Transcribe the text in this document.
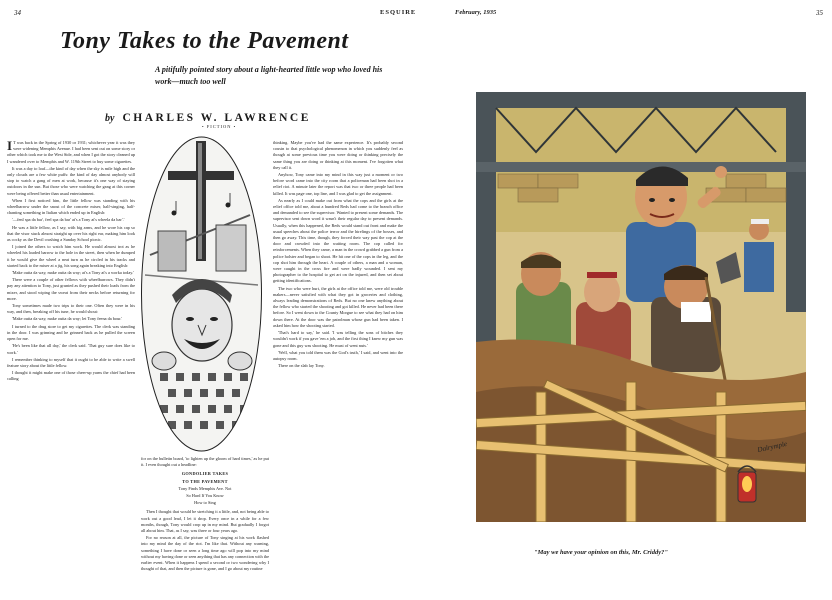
34	ESQUIRE
Tony Takes to the Pavement
A pitifully pointed story about a light-hearted little wop who loved his work—much too well
by CHARLES W. LAWRENCE
• FICTION •

I T was back in the Spring of 1930 or 1931; whichever year it was they were widening Memphis Avenue. I had been sent out on some story or other which took me to the West Side, and when I got the story cleaned up I wandered over to Memphis and W. 119th Street to buy some cigarettes.

It was a day to loaf—the kind of day when the sky is mile high and the only clouds are a few white puffs: the kind of day almost anybody will stop to watch a gang of men at work, because it's one way of staying outdoors in the sun. But those who were watching the gang at this corner were being offered better than usual entertainment.

When I first noticed him, the little fellow was standing with his wheelbarrow under the snout of the concrete mixer, half-singing, half-chanting something in Italian which ended up in English:

'—fenl spa da bar', feel spa da bar' at's a Tony at's wheela da bar'.'

He was a little fellow, as I say, with big arms, and he wore his cap so that the visor stuck almost straight up over his right ear, making him look as cocky as the Devil crashing a Sunday School picnic.

I joined the others to watch him work. He would almost trot as he wheeled his loaded barrow to the hole in the street, then when he dumped it he would give the wheel a neat turn as he circled in his tracks and started back to the mixer at a jig, his song again breaking into English:

'Make outta da way, make outta da way; at's a Tony at's a worka today.'

There were a couple of other fellows with wheelbarrows. They didn't pay any attention to Tony, just grunted as they pushed their loads from the mixer, and stood wiping the sweat from their necks before returning for more.

Tony sometimes made two trips to their one. Often they were in his way, and then, breaking off his tune, he would shout:

'Make outta da way, make outta da way; let Tony feena da bour.'

I turned to the drug store to get my cigarettes. The clerk was standing in the door. I was grinning and he grinned back as he pulled the screen open for me.

'He's been like that all day,' the clerk said. 'That guy sure does like to work.'

I remember thinking to myself that it ought to be able to write a swell feature story about the little fellow.

I thought it might make one of those cheer-up yarns the chief had been calling

for on the bulletin board, 'to lighten up the gloom of hard times,' as he put it. I even thought out a headline:

GONDOLIER TAKES

TO THE PAVEMENT

Tony Finds Memphis Ave. Not

So Hard If You Know

How to Sing

Then I thought that would be stretching it a little, and, not being able to work out a good lead, I let it drop. Every once in a while for a few months, though, Tony would crop up in my mind. But gradually I forgot all about him. That, as I say, was three or four years ago.

For no reason at all, the picture of Tony singing at his work flashed into my mind the day of the riot. I'm like that. Without any warning, something I have done or seen a long time ago will pop into my mind without my having done or seen anything that has any connection with the earlier event. When it happens I spend a second or two wondering why I thought of that, and then the picture is gone, and I go about my routine

thinking. Maybe you've had the same experience. It's probably second cousin to that psychological phenomenon in which you suddenly feel as though at some previous time you were doing or thinking precisely the same thing you are doing or thinking at this moment. I've forgotten what they call it.

Anyhow, Tony came into my mind in this way just a moment or two before word came into the city room that a policeman had been shot in a relief riot. A minute later the report was that two or three people had been killed. It was page one, top line, and I was glad to get the assignment.

As nearly as I could make out from what the cops and the girls at the relief office told me, about a hundred Reds had come to the branch office and demanded to see the supervisor. Wanted to present some demands. The supervisor sent down word it wasn't their regular day to present demands. Usually, when this happened, the Reds would stand out front and make the usual speeches about the police terror and the hirelings of the bosses, and then go away. This time, though, they forced their way past the cop at the door and crowded into the waiting room. The cop called for reinforcements. When they came, a man in the crowd grabbed a gun from a police holster and began to shoot. He hit one of the cops in the leg, and the cop shot him through the heart. A couple of others, a man and a woman, were caught in the cross fire and were badly wounded. I sent my photographer to the hospital to get art on the injured, and then set about getting identifications.

The two who were hurt, the girls at the office told me, were old trouble makers—never satisfied with what they got in groceries and clothing, always leading demonstrations of Reds. But no one knew anything about the fellow who started the shooting and got killed. He never had been there before. So I went down to the County Morgue to see what they had on him down there. At the door was the patrolman whose gun had been taken. I asked him how the shooting started.

'That's hard to say,' he said. 'I was telling the sons of bitches they wouldn't work if you gave 'em a job, and the first thing I knew my gun was gone and this guy was shooting. He must of went nuts.'

'Well, what you told them was the God's truth,' I said, and went into the autopsy room.

There on the slab lay Tony.

35
February, 1935
Dalrymple
"May we have your opinion on this, Mr. Criddy?"
